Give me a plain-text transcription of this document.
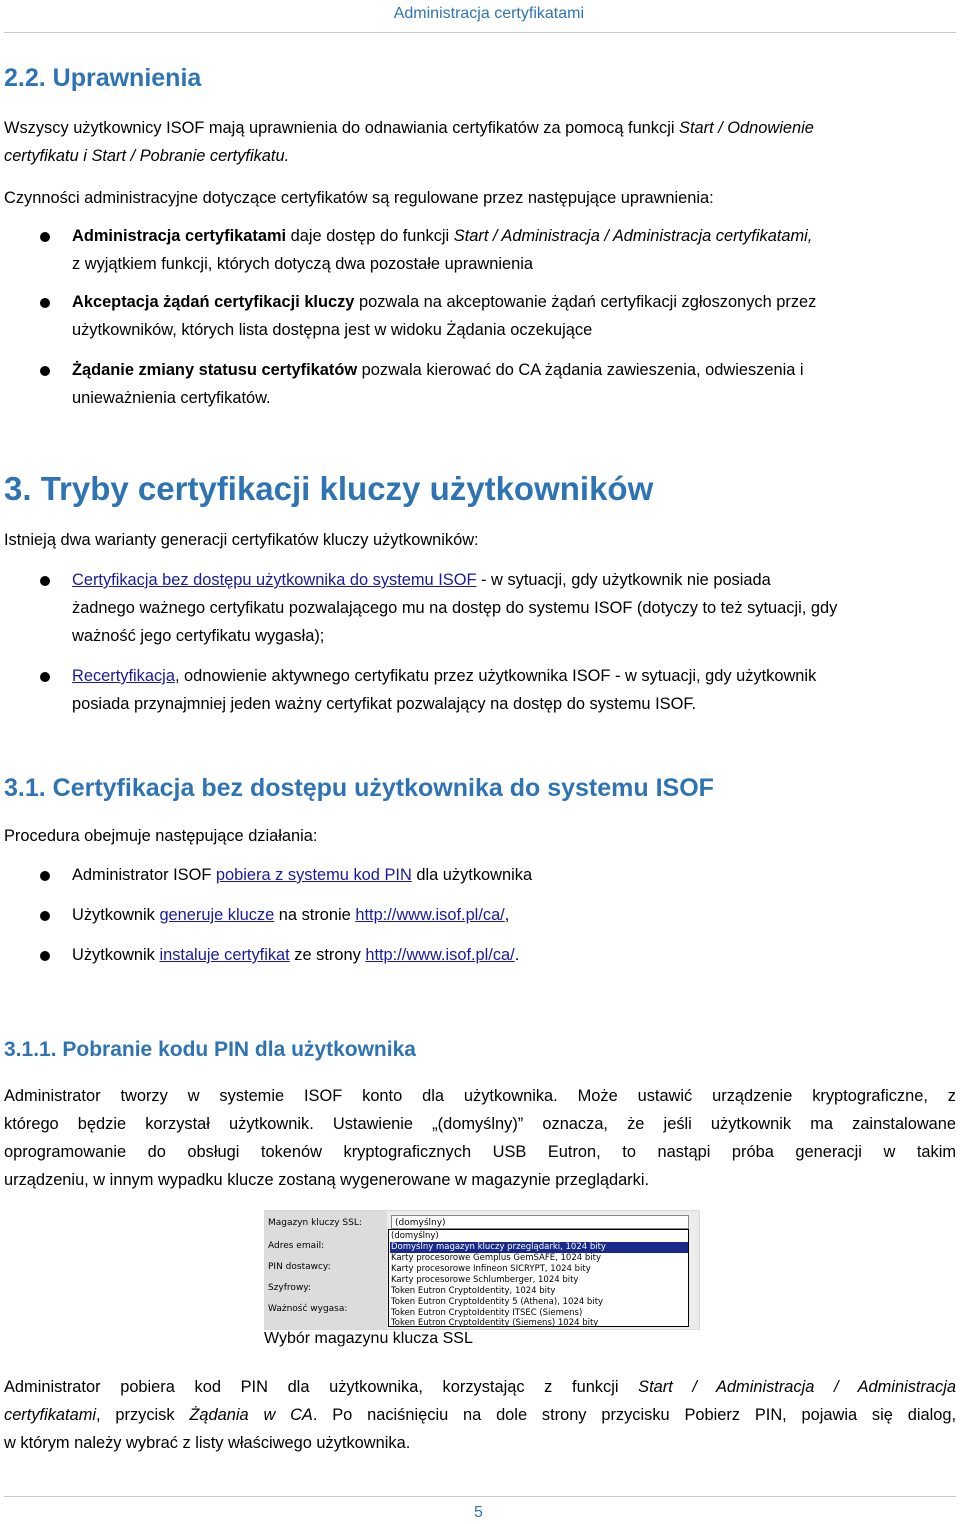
Administracja certyfikatami
2.2. Uprawnienia
Wszyscy użytkownicy ISOF mają uprawnienia do odnawiania certyfikatów za pomocą funkcji Start / Odnowienie
certyfikatu i Start / Pobranie certyfikatu.
Czynności administracyjne dotyczące certyfikatów są regulowane przez następujące uprawnienia:
Administracja certyfikatami daje dostęp do funkcji Start / Administracja / Administracja certyfikatami,
z wyjątkiem funkcji, których dotyczą dwa pozostałe uprawnienia
Akceptacja żądań certyfikacji kluczy pozwala na akceptowanie żądań certyfikacji zgłoszonych przez
użytkowników, których lista dostępna jest w widoku Żądania oczekujące
Żądanie zmiany statusu certyfikatów pozwala kierować do CA żądania zawieszenia, odwieszenia i
unieważnienia certyfikatów.
3. Tryby certyfikacji kluczy użytkowników
Istnieją dwa warianty generacji certyfikatów kluczy użytkowników:
Certyfikacja bez dostępu użytkownika do systemu ISOF - w sytuacji, gdy użytkownik nie posiada
żadnego ważnego certyfikatu pozwalającego mu na dostęp do systemu ISOF (dotyczy to też sytuacji, gdy
ważność jego certyfikatu wygasła);
Recertyfikacja, odnowienie aktywnego certyfikatu przez użytkownika ISOF - w sytuacji, gdy użytkownik
posiada przynajmniej jeden ważny certyfikat pozwalający na dostęp do systemu ISOF.
3.1. Certyfikacja bez dostępu użytkownika do systemu ISOF
Procedura obejmuje następujące działania:
Administrator ISOF pobiera z systemu kod PIN dla użytkownika
Użytkownik generuje klucze na stronie http://www.isof.pl/ca/,
Użytkownik instaluje certyfikat ze strony http://www.isof.pl/ca/.
3.1.1. Pobranie kodu PIN dla użytkownika
Administrator tworzy w systemie ISOF konto dla użytkownika. Może ustawić urządzenie kryptograficzne, z
którego będzie korzystał użytkownik. Ustawienie „(domyślny)” oznacza, że jeśli użytkownik ma zainstalowane
oprogramowanie do obsługi tokenów kryptograficznych USB Eutron, to nastąpi próba generacji w takim
urządzeniu, w innym wypadku klucze zostaną wygenerowane w magazynie przeglądarki.
Magazyn kluczy SSL:
Adres email:
PIN dostawcy:
Szyfrowy:
Ważność wygasa:
(domyślny)
(domyślny)
Domyślny magazyn kluczy przeglądarki, 1024 bity
Karty procesorowe Gemplus GemSAFE, 1024 bity
Karty procesorowe Infineon SICRYPT, 1024 bity
Karty procesorowe Schlumberger, 1024 bity
Token Eutron CryptoIdentity, 1024 bity
Token Eutron CryptoIdentity 5 (Athena), 1024 bity
Token Eutron CryptoIdentity ITSEC (Siemens)
Token Eutron CryptoIdentity (Siemens) 1024 bity
Wybór magazynu klucza SSL
Administrator pobiera kod PIN dla użytkownika, korzystając z funkcji Start / Administracja / Administracja
certyfikatami, przycisk Żądania w CA. Po naciśnięciu na dole strony przycisku Pobierz PIN, pojawia się dialog,
w którym należy wybrać z listy właściwego użytkownika.
5
